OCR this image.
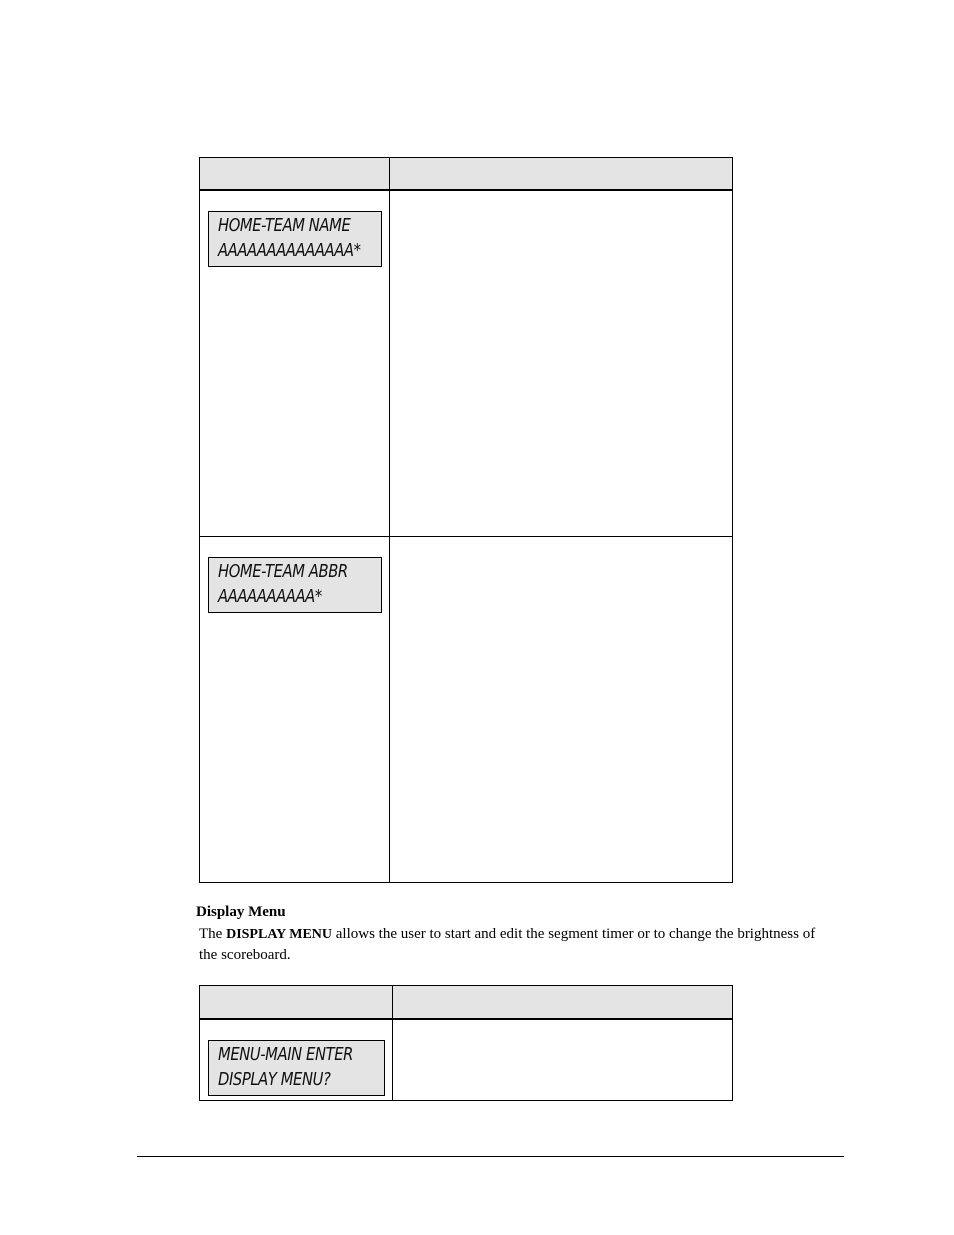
HOME-TEAM NAME
AAAAAAAAAAAAAA*
HOME-TEAM ABBR
AAAAAAAAAA*
Display Menu
The DISPLAY MENU allows the user to start and edit the segment timer or to change the brightness of the scoreboard.
MENU-MAIN ENTER
DISPLAY MENU?
